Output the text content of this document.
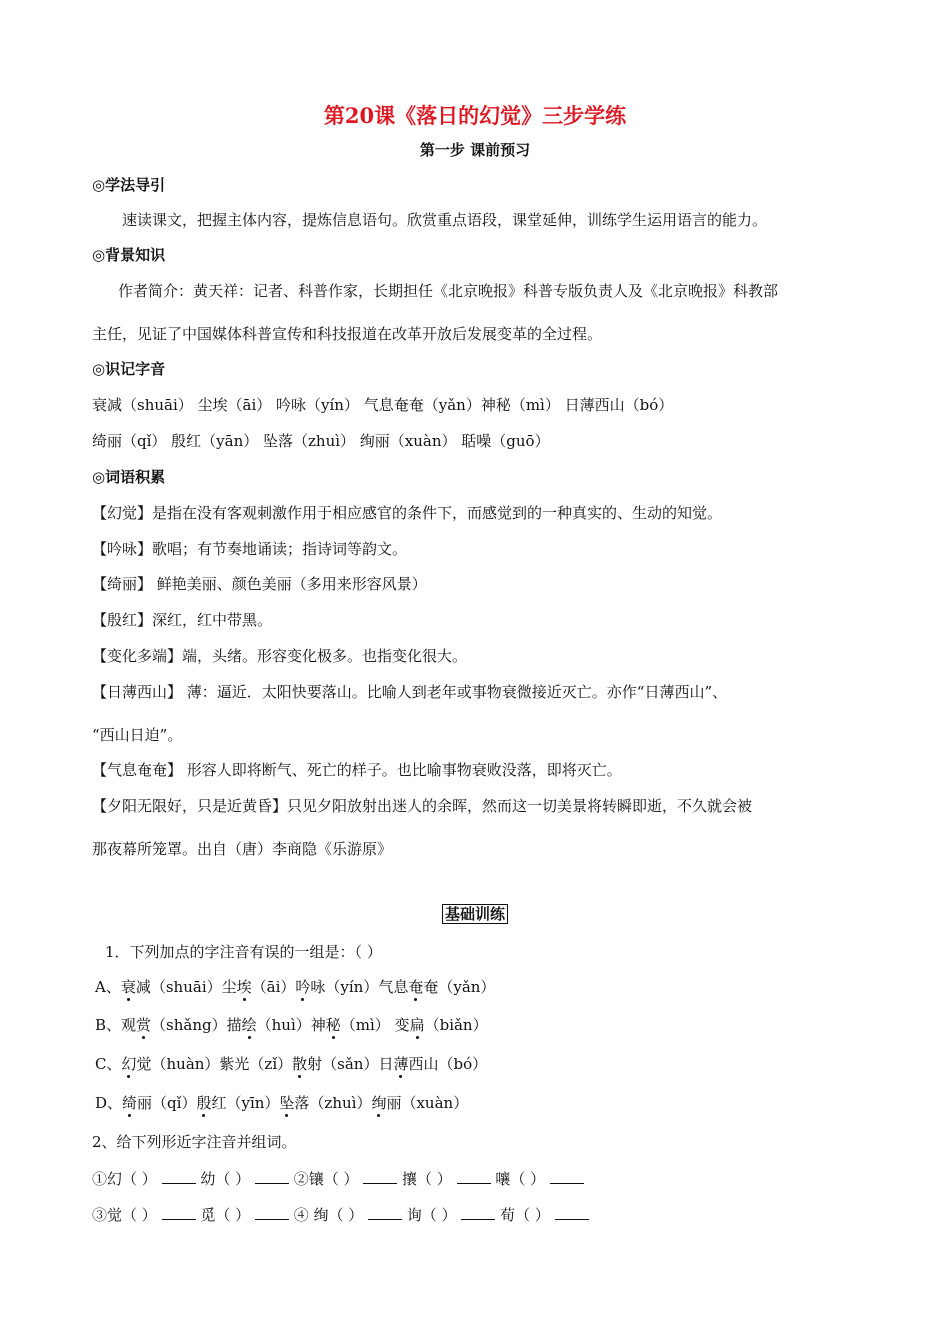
第20课《落日的幻觉》三步学练
第一步 课前预习
◎学法导引
速读课文，把握主体内容，提炼信息语句。欣赏重点语段，课堂延伸，训练学生运用语言的能力。
◎背景知识
作者简介：黄天祥：记者、科普作家，长期担任《北京晚报》科普专版负责人及《北京晚报》科教部
主任，见证了中国媒体科普宣传和科技报道在改革开放后发展变革的全过程。
◎识记字音
衰减（shuāi） 尘埃（āi） 吟咏（yín） 气息奄奄（yǎn）神秘（mì） 日薄西山（bó）
绮丽（qǐ） 殷红（yān） 坠落（zhuì） 绚丽（xuàn） 聒噪（guō）
◎词语积累
【幻觉】是指在没有客观刺激作用于相应感官的条件下，而感觉到的一种真实的、生动的知觉。
【吟咏】歌唱；有节奏地诵读；指诗词等韵文。
【绮丽】 鲜艳美丽、颜色美丽（多用来形容风景）
【殷红】深红，红中带黑。
【变化多端】端，头绪。形容变化极多。也指变化很大。
【日薄西山】 薄：逼近．太阳快要落山。比喻人到老年或事物衰微接近灭亡。亦作“日薄西山”、
“西山日迫”。
【气息奄奄】 形容人即将断气、死亡的样子。也比喻事物衰败没落，即将灭亡。
【夕阳无限好，只是近黄昏】只见夕阳放射出迷人的余晖，然而这一切美景将转瞬即逝，不久就会被
那夜幕所笼罩。出自（唐）李商隐《乐游原》
基础训练
1．下列加点的字注音有误的一组是：（ ）
A、衰减（shuāi）尘埃（āi）吟咏（yín）气息奄奄（yǎn）
B、观赏（shǎng）描绘（huì）神秘（mì） 变扁（biǎn）
C、幻觉（huàn）紫光（zǐ）散射（sǎn）日薄西山（bó）
D、绮丽（qǐ）殷红（yīn）坠落（zhuì）绚丽（xuàn）
2、给下列形近字注音并组词。
①幻（ ）	幼（ ）	②镶（ ）	攘（ ）	嚷（ ）
③觉（ ）	觅（ ）	④ 绚（ ）	询（ ）	荀（ ）
